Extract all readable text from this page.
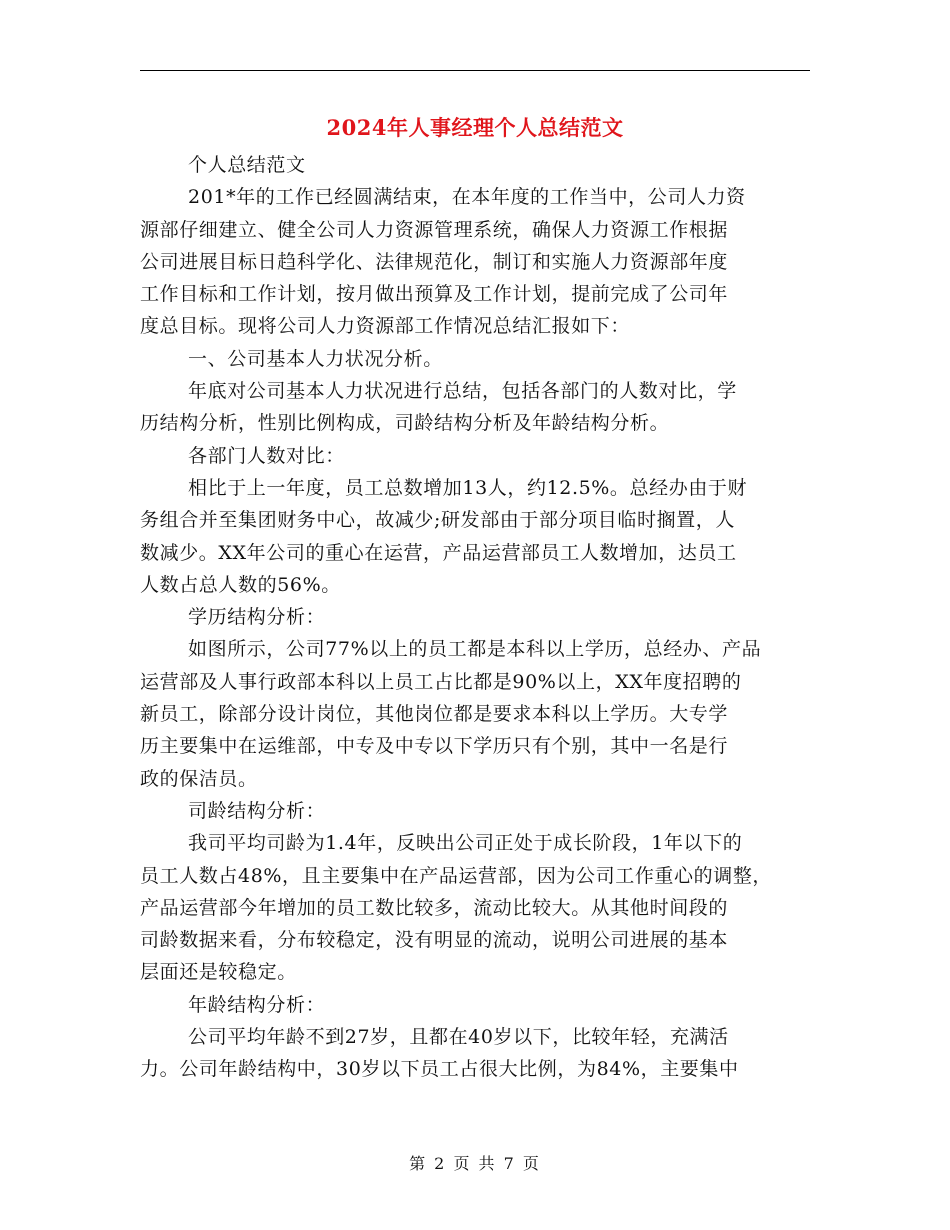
2024年人事经理个人总结范文
个人总结范文
201*年的工作已经圆满结束，在本年度的工作当中，公司人力资
源部仔细建立、健全公司人力资源管理系统，确保人力资源工作根据
公司进展目标日趋科学化、法律规范化，制订和实施人力资源部年度
工作目标和工作计划，按月做出预算及工作计划，提前完成了公司年
度总目标。现将公司人力资源部工作情况总结汇报如下：
一、公司基本人力状况分析。
年底对公司基本人力状况进行总结，包括各部门的人数对比，学
历结构分析，性别比例构成，司龄结构分析及年龄结构分析。
各部门人数对比：
相比于上一年度，员工总数增加13人，约12.5%。总经办由于财
务组合并至集团财务中心，故减少;研发部由于部分项目临时搁置，人
数减少。XX年公司的重心在运营，产品运营部员工人数增加，达员工
人数占总人数的56%。
学历结构分析：
如图所示，公司77%以上的员工都是本科以上学历，总经办、产品
运营部及人事行政部本科以上员工占比都是90%以上，XX年度招聘的
新员工，除部分设计岗位，其他岗位都是要求本科以上学历。大专学
历主要集中在运维部，中专及中专以下学历只有个别，其中一名是行
政的保洁员。
司龄结构分析：
我司平均司龄为1.4年，反映出公司正处于成长阶段，1年以下的
员工人数占48%，且主要集中在产品运营部，因为公司工作重心的调整，
产品运营部今年增加的员工数比较多，流动比较大。从其他时间段的
司龄数据来看，分布较稳定，没有明显的流动，说明公司进展的基本
层面还是较稳定。
年龄结构分析：
公司平均年龄不到27岁，且都在40岁以下，比较年轻，充满活
力。公司年龄结构中，30岁以下员工占很大比例，为84%，主要集中
第 2 页 共 7 页
